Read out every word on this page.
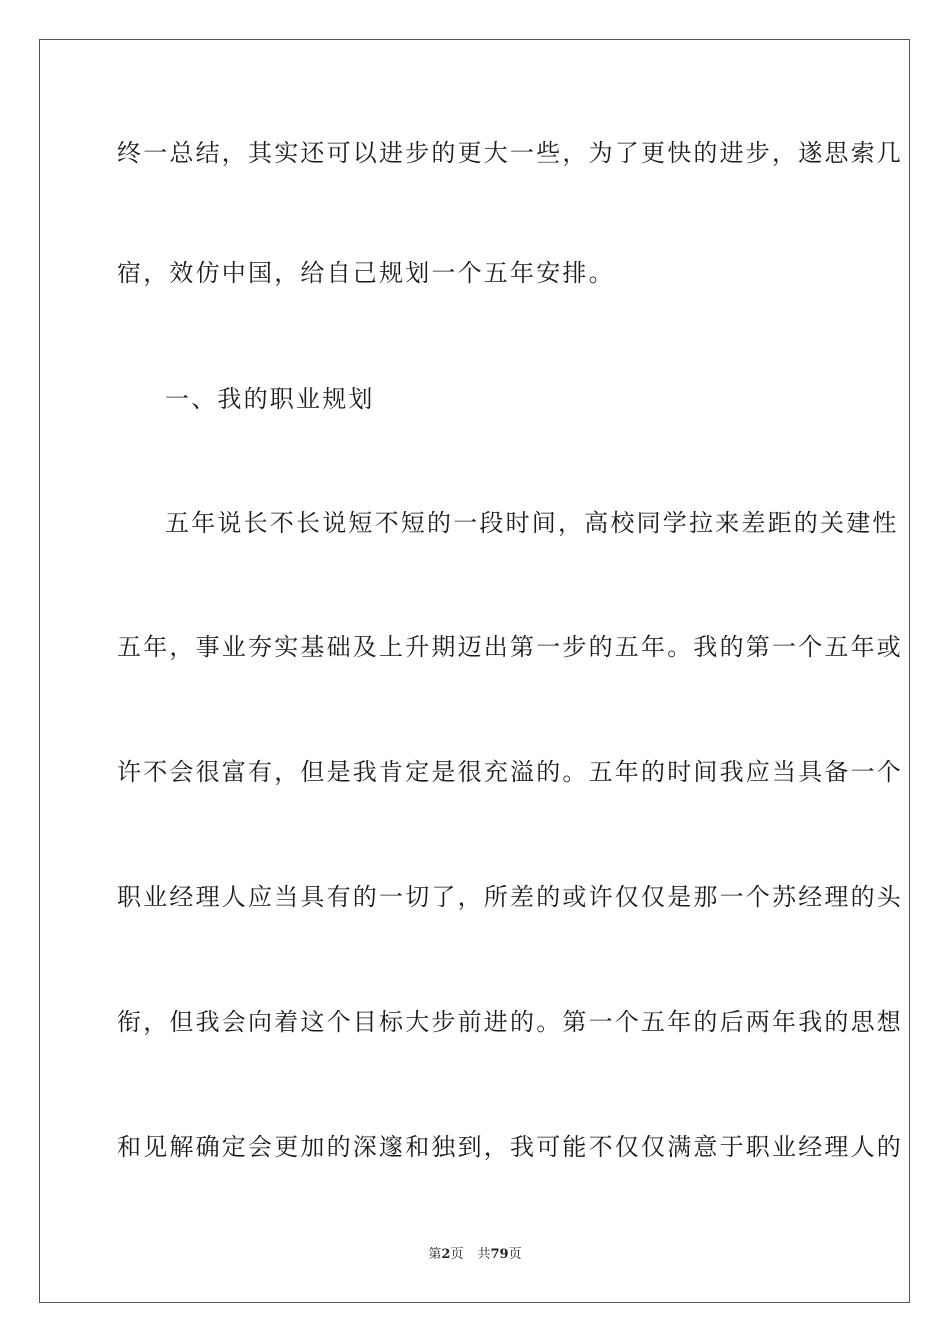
终一总结，其实还可以进步的更大一些，为了更快的进步，遂思索几
宿，效仿中国，给自己规划一个五年安排。
一、我的职业规划
五年说长不长说短不短的一段时间，高校同学拉来差距的关建性
五年，事业夯实基础及上升期迈出第一步的五年。我的第一个五年或
许不会很富有，但是我肯定是很充溢的。五年的时间我应当具备一个
职业经理人应当具有的一切了，所差的或许仅仅是那一个苏经理的头
衔，但我会向着这个目标大步前进的。第一个五年的后两年我的思想
和见解确定会更加的深邃和独到，我可能不仅仅满意于职业经理人的
第2页 共79页
